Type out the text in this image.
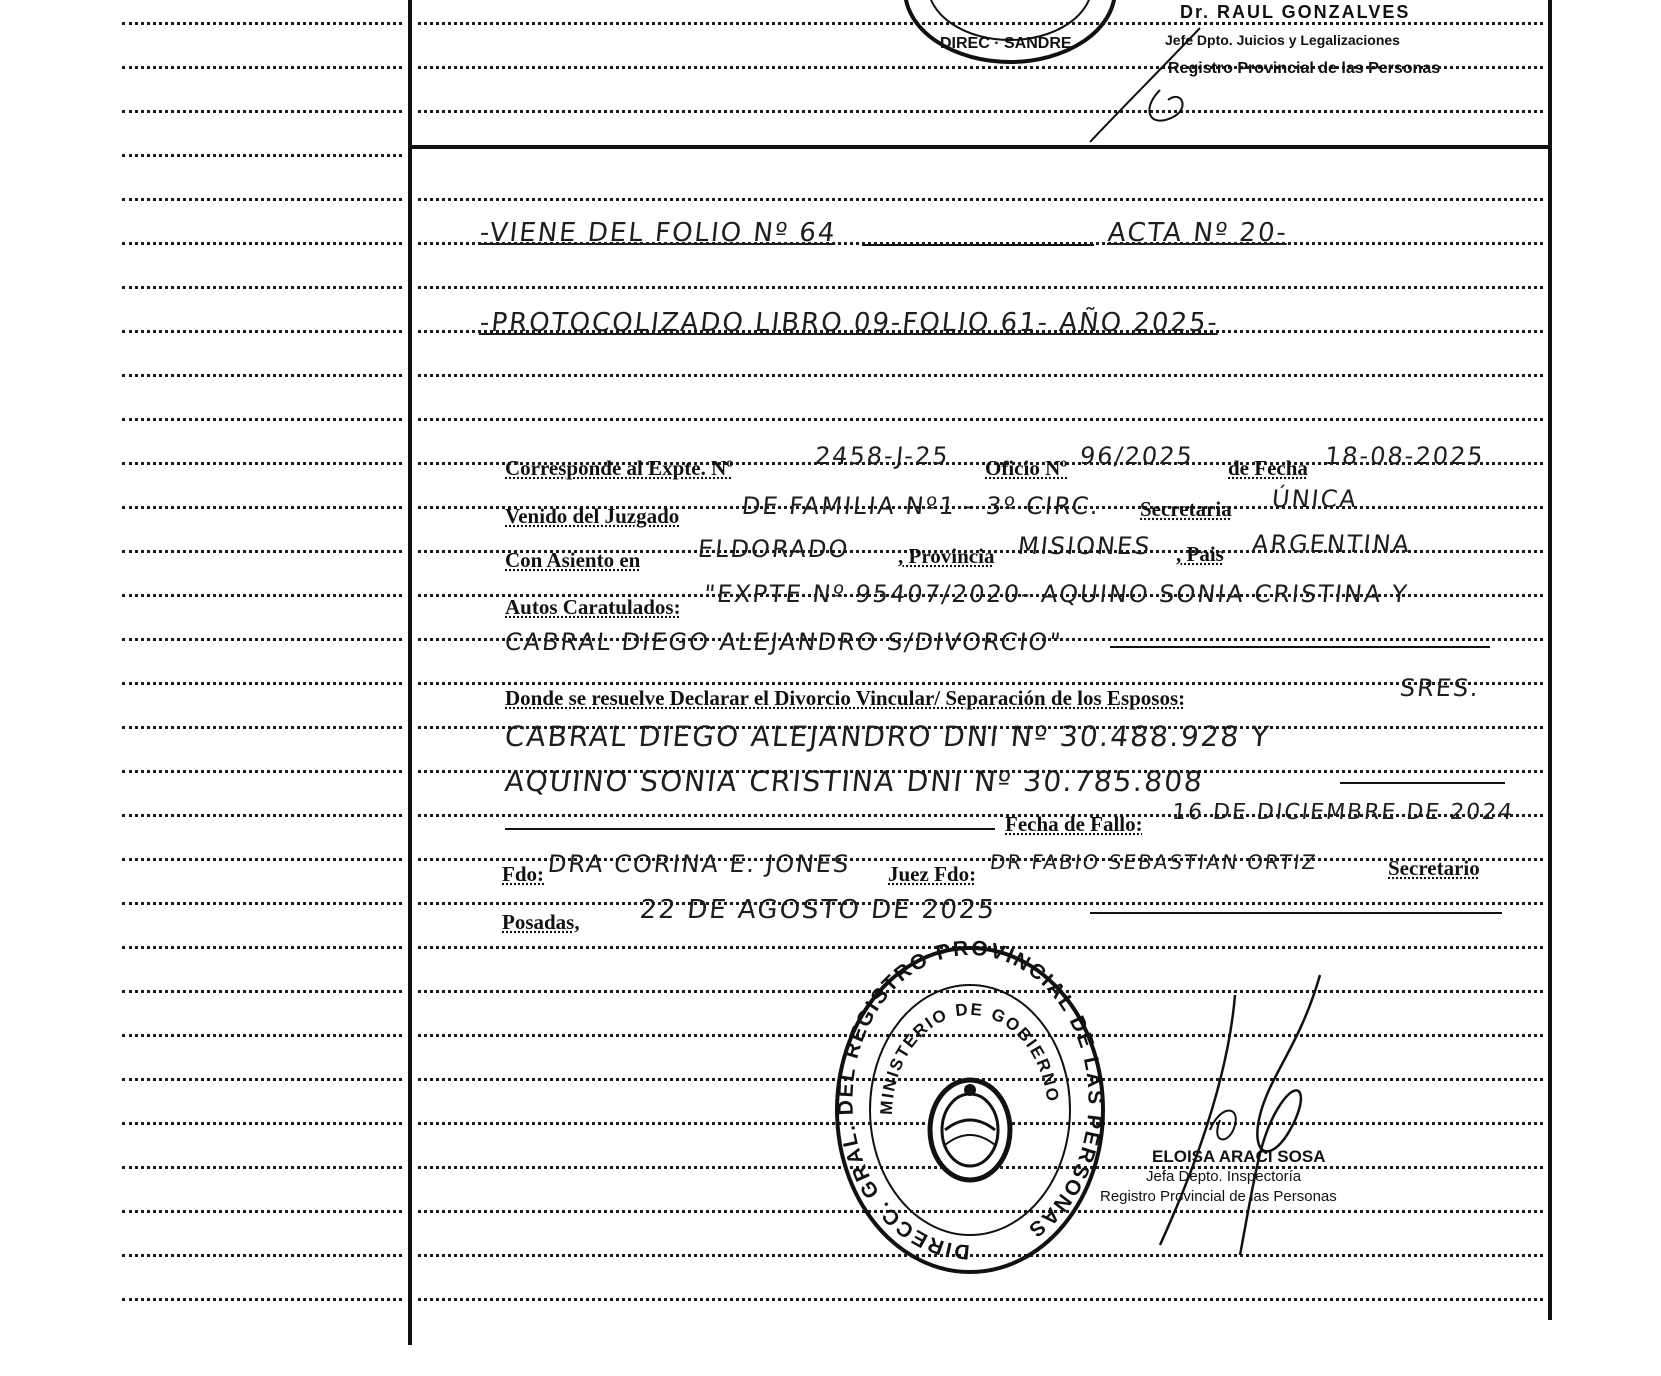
DIREC · SANDRE
Dr. RAUL GONZALVES
Jefe Dpto. Juicios y Legalizaciones
Registro Provincial de las Personas
-VIENE DEL FOLIO Nº 64	ACTA Nº 20-
-PROTOCOLIZADO LIBRO 09-FOLIO 61- AÑO 2025-
Corresponde al Expte. Nº	2458-J-25 Oficio Nº 96/2025 de Fecha 18-08-2025
Venido del Juzgado	DE FAMILIA Nº1 - 3º CIRC. Secretaria ÚNICA
Con Asiento en ELDORADO , Provincia MISIONES , Pais ARGENTINA
Autos Caratulados: "EXPTE Nº 95407/2020- AQUINO SONIA CRISTINA Y
CABRAL DIEGO ALEJANDRO S/DIVORCIO"
Donde se resuelve Declarar el Divorcio Vincular/ Separación de los Esposos:	SRES.
CABRAL DIEGO ALEJANDRO DNI Nº 30.488.928 Y
AQUINO SONIA CRISTINA DNI Nº 30.785.808
Fecha de Fallo: 16 DE DICIEMBRE DE 2024
Fdo: DRA CORINA E. JONES Juez Fdo: DR FABIO SEBASTIAN ORTIZ	Secretario
Posadas, 22 DE AGOSTO DE 2025
DIRECC. GRAL. DEL REGISTRO PROVINCIAL DE LAS PERSONAS
MINISTERIO DE GOBIERNO
ELOISA ARACI SOSA
Jefa Depto. Inspectoría
Registro Provincial de las Personas
